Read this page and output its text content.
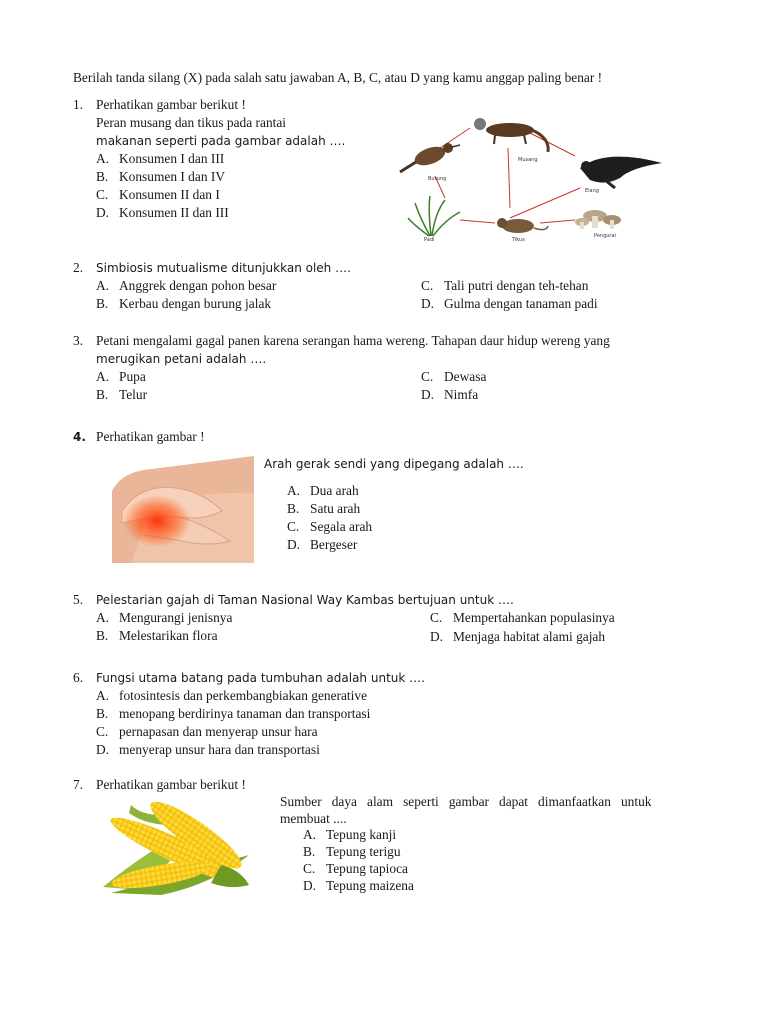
Berilah tanda silang (X) pada salah satu jawaban A, B, C, atau D yang kamu anggap paling benar !
1. Perhatikan gambar berikut !
Peran musang dan tikus pada rantai
makanan seperti pada gambar adalah ….
A. Konsumen I dan III
B. Konsumen I dan IV
C. Konsumen II dan I
D. Konsumen II dan III
Musang
Burung
Elang
Padi	Tikus
Pengurai
2.	Simbiosis mutualisme ditunjukkan oleh ….
A. Anggrek dengan pohon besar
B. Kerbau dengan burung jalak
C. Tali putri dengan teh-tehan
D. Gulma dengan tanaman padi
3. Petani mengalami gagal panen karena serangan hama wereng. Tahapan daur hidup wereng yang
merugikan petani adalah ….
A. Pupa
B. Telur
C. Dewasa
D. Nimfa
4. Perhatikan gambar !
Arah gerak sendi yang dipegang adalah ….
A. Dua arah
B. Satu arah
C. Segala arah
D. Bergeser
5.	Pelestarian gajah di Taman Nasional Way Kambas bertujuan untuk ….
A. Mengurangi jenisnya
B. Melestarikan flora
C. Mempertahankan populasinya
D. Menjaga habitat alami gajah
6.	Fungsi utama batang pada tumbuhan adalah untuk ….
A. fotosintesis dan perkembangbiakan generative
B. menopang berdirinya tanaman dan transportasi
C. pernapasan dan menyerap unsur hara
D. menyerap unsur hara dan transportasi
7. Perhatikan gambar berikut !
Sumber   daya   alam   seperti   gambar   dapat   dimanfaatkan   untuk
membuat ....
A. Tepung kanji
B. Tepung terigu
C. Tepung tapioca
D. Tepung maizena
